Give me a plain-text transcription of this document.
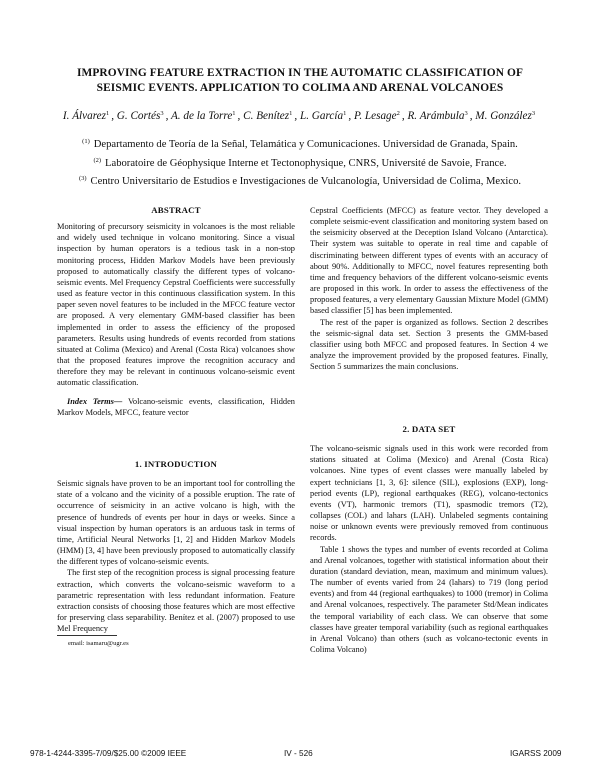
IMPROVING FEATURE EXTRACTION IN THE AUTOMATIC CLASSIFICATION OF
SEISMIC EVENTS. APPLICATION TO COLIMA AND ARENAL VOLCANOES
I. Álvarez$^1$ , G. Cortés$^3$ , A. de la Torre$^1$ , C. Benítez$^1$ , L. García$^1$ , P. Lesage$^2$ , R. Arámbula$^3$ , M. González$^3$
$^{(1)}$ Departamento de Teoría de la Señal, Telamática y Comunicaciones. Universidad de Granada, Spain.
$^{(2)}$ Laboratoire de Géophysique Interne et Tectonophysique, CNRS, Université de Savoie, France.
$^{(3)}$ Centro Universitario de Estudios e Investigaciones de Vulcanología, Universidad de Colima, Mexico.
ABSTRACT

Monitoring of precursory seismicity in volcanoes is the most reliable and widely used technique in volcano monitoring. Since a visual inspection by human operators is a tedious task in a non-stop monitoring process, Hidden Markov Models have been previously proposed to automatically classify the different types of volcano-seismic events. Mel Frequency Cepstral Coefficients were successfully used as feature vector in this continuous classification system. In this paper seven novel features to be included in the MFCC feature vector are proposed. A very elementary GMM-based classifier has been implemented in order to assess the efficiency of the proposed parameters. Results using hundreds of events recorded from stations situated at Colima (Mexico) and Arenal (Costa Rica) volcanoes show that the proposed features improve the recognition accuracy and therefore they may be relevant in continuous volcano-seismic event automatic classification.

Index Terms— Volcano-seismic events, classification, Hidden Markov Models, MFCC, feature vector

1. INTRODUCTION

Seismic signals have proven to be an important tool for controlling the state of a volcano and the vicinity of a possible eruption. The rate of occurrence of seismicity in an active volcano is high, with the presence of hundreds of events per hour in days or weeks. Since a visual inspection by human operators is an arduous task in terms of time, Artificial Neural Networks [1, 2] and Hidden Markov Models (HMM) [3, 4] have been previously proposed to automatically classify the different types of volcano-seismic events.

The first step of the recognition process is signal processing feature extraction, which converts the volcano-seismic waveform to a parametric representation with less redundant information. Feature extraction consists of choosing those features which are most effective for preserving class separability. Benítez et al. (2007) proposed to use Mel Frequency

email: isamaru@ugr.es

Cepstral Coefficients (MFCC) as feature vector. They developed a complete seismic-event classification and monitoring system based on the seismicity observed at the Deception Island Volcano (Antarctica). Their system was suitable to operate in real time and capable of discriminating between different types of events with an accuracy of about 90%. Additionally to MFCC, novel features representing both time and frequency behaviors of the different volcano-seismic events are proposed in this work. In order to assess the effectiveness of the proposed features, a very elementary Gaussian Mixture Model (GMM) based classifier [5] has been implemented.

The rest of the paper is organized as follows. Section 2 describes the seismic-signal data set. Section 3 presents the GMM-based classifier using both MFCC and proposed features. In Section 4 we analyze the improvement provided by the proposed features. Finally, Section 5 summarizes the main conclusions.

2. DATA SET

The volcano-seismic signals used in this work were recorded from stations situated at Colima (Mexico) and Arenal (Costa Rica) volcanoes. Nine types of event classes were manually labeled by expert technicians [1, 3, 6]: silence (SIL), explosions (EXP), long-period events (LP), regional earthquakes (REG), volcano-tectonics events (VT), harmonic tremors (T1), spasmodic tremors (T2), collapses (COL) and lahars (LAH). Unlabeled segments containing noise or unknown events were previously removed from continuous records.

Table 1 shows the types and number of events recorded at Colima and Arenal volcanoes, together with statistical information about their duration (standard deviation, mean, maximum and minimum values). The number of events varied from 24 (lahars) to 719 (long period events) and from 44 (regional earthquakes) to 1000 (tremor) in Colima and Arenal volcanoes, respectively. The parameter Std/Mean indicates the temporal variability of each class. We can observe that some classes have greater temporal variability (such as regional earthquakes in Arenal Volcano) than others (such as volcano-tectonic events in Colima Volcano)

978-1-4244-3395-7/09/$25.00 ©2009 IEEE	IV - 526	IGARSS 2009
